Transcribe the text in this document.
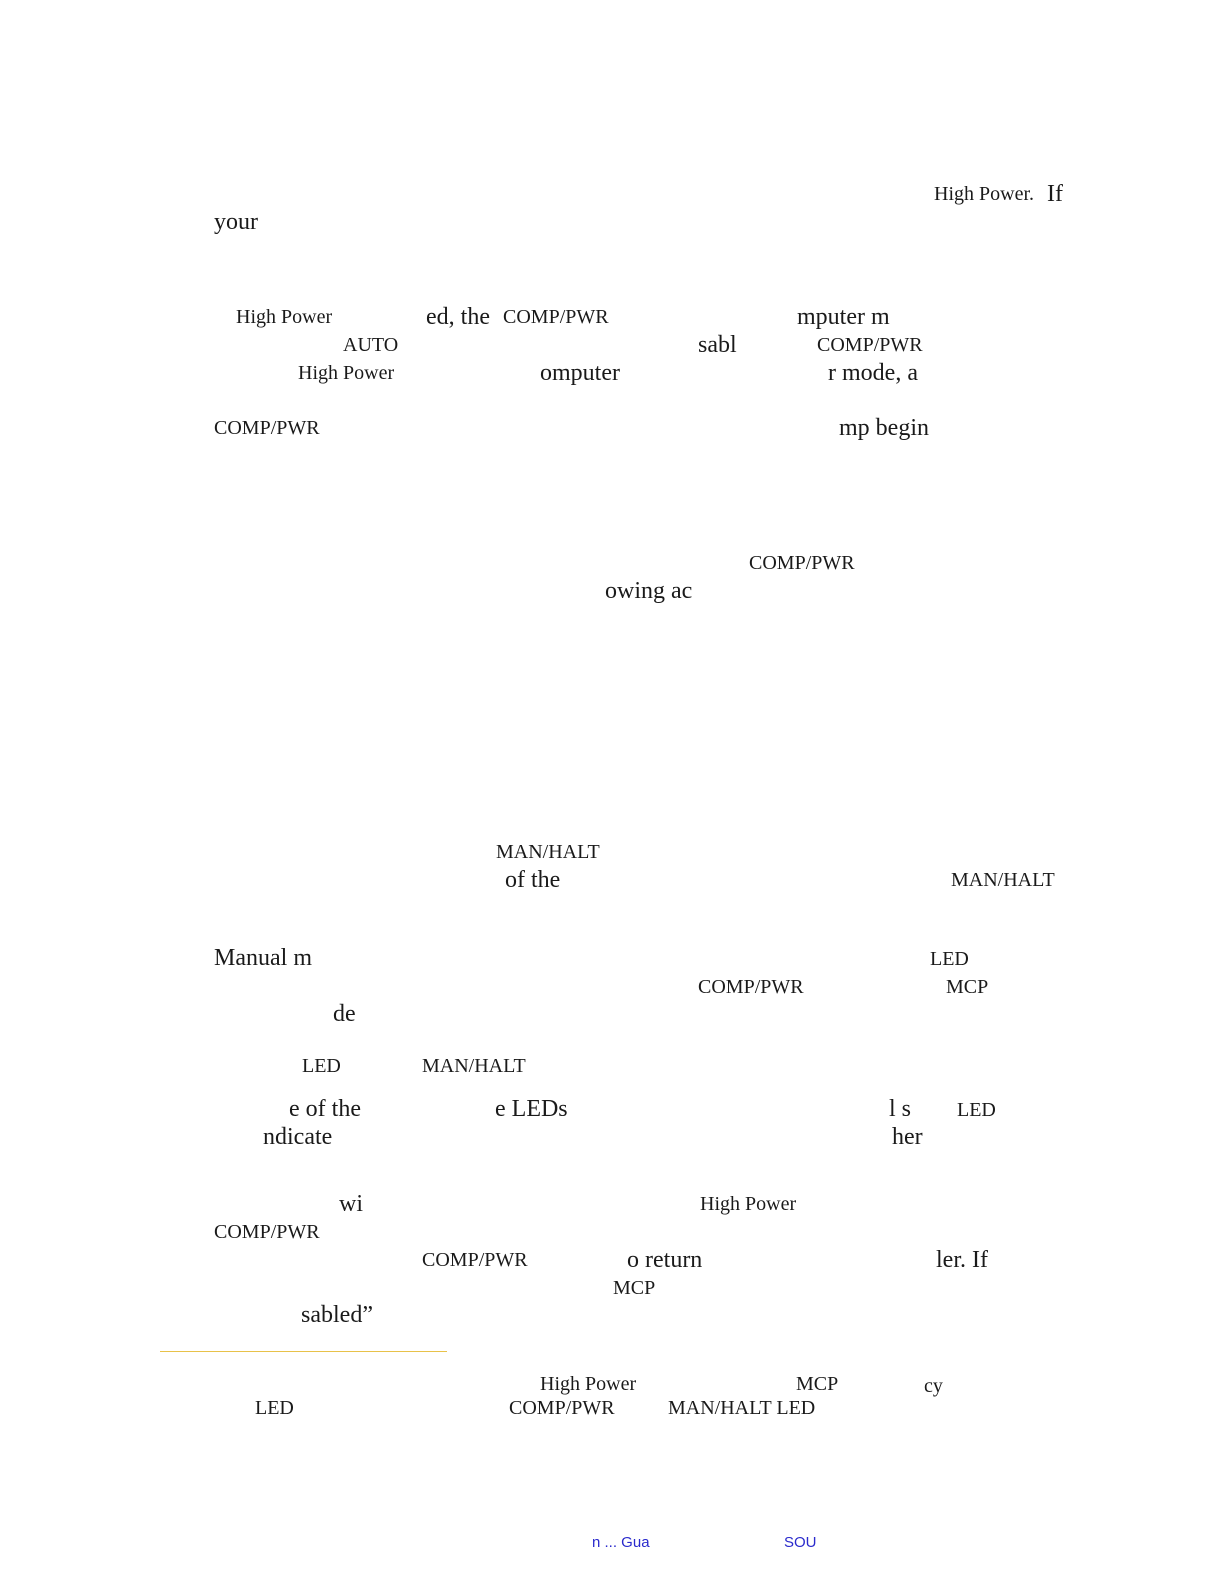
High Power. If
your
High Power	ed, the COMP/PWR	mputer m
AUTO	sabl	COMP/PWR
High Power	omputer	r mode, a
COMP/PWR	mp begin
COMP/PWR
owing ac
MAN/HALT
of the	MAN/HALT
Manual m	LED
COMP/PWR	MCP
de
LED	MAN/HALT
e of the	e LEDs	l s LED
ndicate	her
wi	High Power
COMP/PWR
COMP/PWR	o return	ler. If
MCP
sabled”
High Power	MCP	cy
LED	COMP/PWR	MAN/HALT LED
n ... Gua	SOU
